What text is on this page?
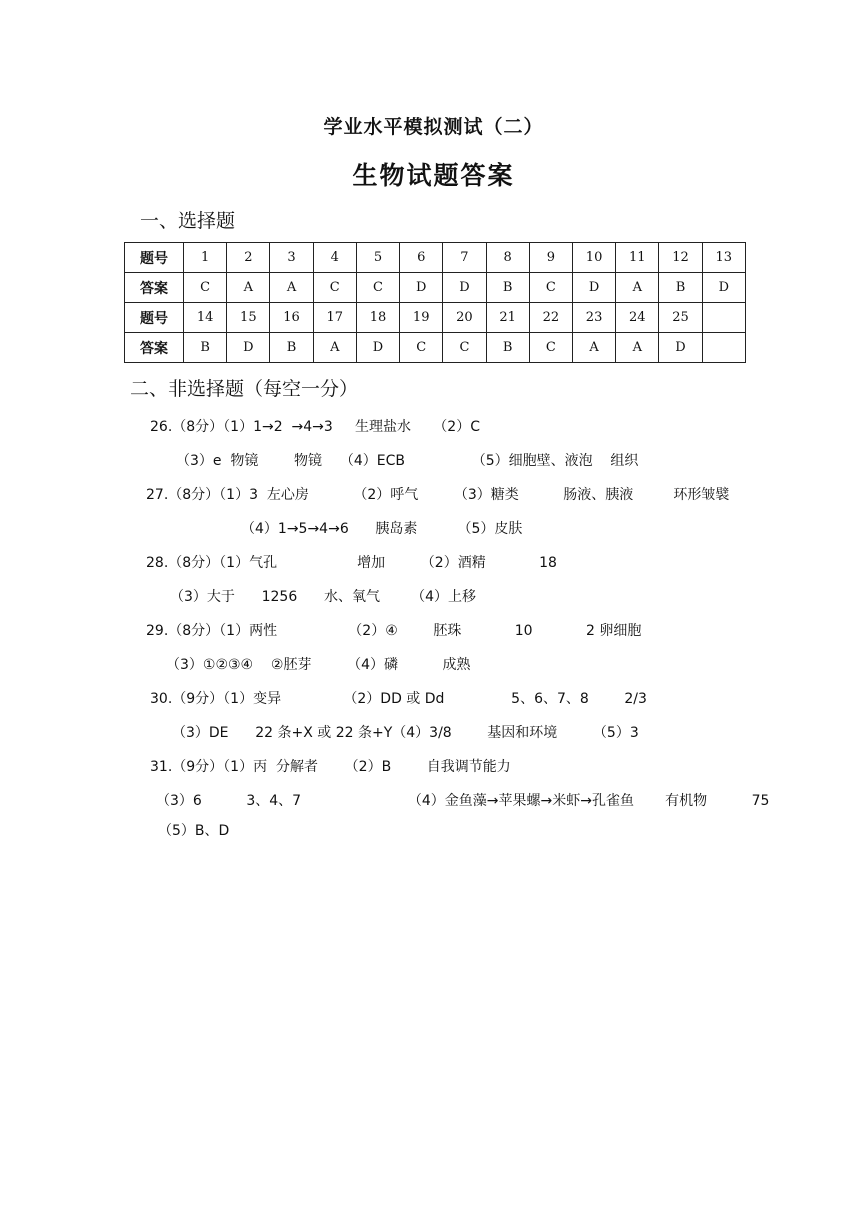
学业水平模拟测试（二）
生物试题答案
一、选择题
题号	1	2	3	4	5	6	7	8	9	10	11	12	13
答案	C	A	A	C	C	D	D	B	C	D	A	B	D
题号	14	15	16	17	18	19	20	21	22	23	24	25	
答案	B	D	B	A	D	C	C	B	C	A	A	D	
二、非选择题（每空一分）
26.（8分）（1）1→2  →4→3     生理盐水     （2）C
（3）e  物镜        物镜    （4）ECB               （5）细胞壁、液泡    组织
27.（8分）（1）3  左心房          （2）呼气        （3）糖类          肠液、胰液         环形皱襞
（4）1→5→4→6      胰岛素         （5）皮肤
28.（8分）（1）气孔                  增加        （2）酒精            18
（3）大于      1256      水、氧气       （4）上移
29.（8分）（1）两性                （2）④        胚珠            10            2 卵细胞
（3）①②③④    ②胚芽        （4）磷          成熟
30.（9分）（1）变异              （2）DD 或 Dd               5、6、7、8        2/3
（3）DE      22 条+X 或 22 条+Y（4）3/8        基因和环境        （5）3
31.（9分）（1）丙  分解者      （2）B        自我调节能力
（3）6          3、4、7                        （4）金鱼藻→苹果螺→米虾→孔雀鱼       有机物          75
（5）B、D
